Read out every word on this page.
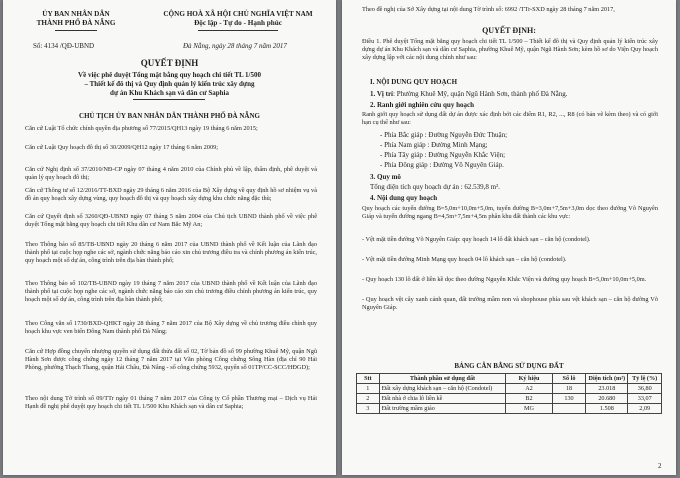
ỦY BAN NHÂN DÂN
THÀNH PHỐ ĐÀ NẴNG
CỘNG HOÀ XÃ HỘI CHỦ NGHĨA VIỆT NAM
Độc lập - Tự do - Hạnh phúc
Số: 4134 /QĐ-UBND	Đà Nẵng, ngày 28 tháng 7 năm 2017
QUYẾT ĐỊNH
Về việc phê duyệt Tổng mặt bằng quy hoạch chi tiết TL 1/500
– Thiết kế đô thị và Quy định quản lý kiến trúc xây dựng
dự án Khu Khách sạn và dân cư Saphia
CHỦ TỊCH ỦY BAN NHÂN DÂN THÀNH PHỐ ĐÀ NẴNG
Căn cứ Luật Tổ chức chính quyền địa phương số 77/2015/QH13 ngày 19 tháng 6 năm 2015;
Căn cứ Luật Quy hoạch đô thị số 30/2009/QH12 ngày 17 tháng 6 năm 2009;
Căn cứ Nghị định số 37/2010/NĐ-CP ngày 07 tháng 4 năm 2010 của Chính phủ về lập, thẩm định, phê duyệt và quản lý quy hoạch đô thị;
Căn cứ Thông tư số 12/2016/TT-BXD ngày 29 tháng 6 năm 2016 của Bộ Xây dựng về quy định hồ sơ nhiệm vụ và đồ án quy hoạch xây dựng vùng, quy hoạch đô thị và quy hoạch xây dựng khu chức năng đặc thù;
Căn cứ Quyết định số 3260/QĐ-UBND ngày 07 tháng 5 năm 2004 của Chủ tịch UBND thành phố về việc phê duyệt Tổng mặt bằng quy hoạch chi tiết Khu dân cư Nam Bắc Mỹ An;
Theo Thông báo số 85/TB-UBND ngày 20 tháng 6 năm 2017 của UBND thành phố về Kết luận của Lãnh đạo thành phố tại cuộc họp nghe các sở, ngành chức năng báo cáo xin chủ trương điều tra và chỉnh phương án kiến trúc, quy hoạch một số dự án, công trình trên địa bàn thành phố;
Theo Thông báo số 102/TB-UBND ngày 19 tháng 7 năm 2017 của UBND thành phố về Kết luận của Lãnh đạo thành phố tại cuộc họp nghe các sở, ngành chức năng báo cáo xin chủ trương điều chỉnh phương án kiến trúc, quy hoạch một số dự án, công trình trên địa bàn thành phố;
Theo Công văn số 1730/BXD-QHKT ngày 28 tháng 7 năm 2017 của Bộ Xây dựng về chủ trương điều chỉnh quy hoạch khu vực ven biển Đông Nam thành phố Đà Nẵng;
Căn cứ Hợp đồng chuyển nhượng quyền sử dụng đất thửa đất số 02, Tờ bản đồ số 99 phường Khuê Mỹ, quận Ngũ Hành Sơn được công chứng ngày 12 tháng 7 năm 2017 tại Văn phòng Công chứng Sông Hàn (địa chỉ 90 Hải Phòng, phường Thạch Thang, quận Hải Châu, Đà Nẵng - số công chứng 5932, quyển số 01TP/CC-SCC/HĐGD);
Theo nội dung Tờ trình số 09/TTr ngày 01 tháng 7 năm 2017 của Công ty Cổ phần Thương mại – Dịch vụ Hải Hạnh đề nghị phê duyệt quy hoạch chi tiết TL 1/500 Khu Khách sạn và dân cư Saphia;
Theo đề nghị của Sở Xây dựng tại nội dung Tờ trình số: 6992 /TTr-SXD ngày 28 tháng 7 năm 2017,
QUYẾT ĐỊNH:
Điều 1. Phê duyệt Tổng mặt bằng quy hoạch chi tiết TL 1/500 – Thiết kế đô thị và Quy định quản lý kiến trúc xây dựng dự án Khu Khách sạn và dân cư Saphia, phường Khuê Mỹ, quận Ngũ Hành Sơn; kèm hồ sơ do Viện Quy hoạch xây dựng lập với các nội dung chính như sau:
I. NỘI DUNG QUY HOẠCH
1. Vị trí: Phường Khuê Mỹ, quận Ngũ Hành Sơn, thành phố Đà Nẵng.
2. Ranh giới nghiên cứu quy hoạch
Ranh giới quy hoạch sử dụng đất dự án được xác định bởi các điểm R1, R2, ..., R8 (có bản vẽ kèm theo) và có giới hạn cụ thể như sau:
- Phía Bắc giáp : Đường Nguyễn Đức Thuận;
- Phía Nam giáp : Đường Minh Mạng;
- Phía Tây giáp : Đường Nguyễn Khắc Viện;
- Phía Đông giáp : Đường Võ Nguyên Giáp.
3. Quy mô
Tổng diện tích quy hoạch dự án : 62.539,8 m².
4. Nội dung quy hoạch
Quy hoạch các tuyến đường B=5,0m+10,0m+5,0m, tuyến đường B=3,0m+7,5m+3,0m dọc theo đường Võ Nguyên Giáp và tuyến đường ngang B=4,5m+7,5m+4,5m phân khu đất thành các khu vực:
- Vệt mặt tiền đường Võ Nguyên Giáp: quy hoạch 14 lô đất khách sạn – căn hộ (condotel).
- Vệt mặt tiền đường Minh Mạng quy hoạch 04 lô khách sạn – căn hộ (condotel).
- Quy hoạch 130 lô đất ở liền kề dọc theo đường Nguyễn Khắc Viện và đường quy hoạch B=5,0m+10,0m+5,0m.
- Quy hoạch vệt cây xanh cảnh quan, đất trường mầm non và shophouse phía sau vệt khách sạn – căn hộ đường Võ Nguyên Giáp.
BẢNG CÂN BẰNG SỬ DỤNG ĐẤT
Stt	Thành phần sử dụng đất	Ký hiệu	Số lô	Diện tích (m²)	Tỷ lệ (%)
1	Đất xây dựng khách sạn – căn hộ (Condotel)	A2	18	23.018	36,80
2	Đất nhà ở chia lô liền kề	B2	130	20.680	33,07
3	Đất trường mầm giáo	MG		1.508	2,09
2
